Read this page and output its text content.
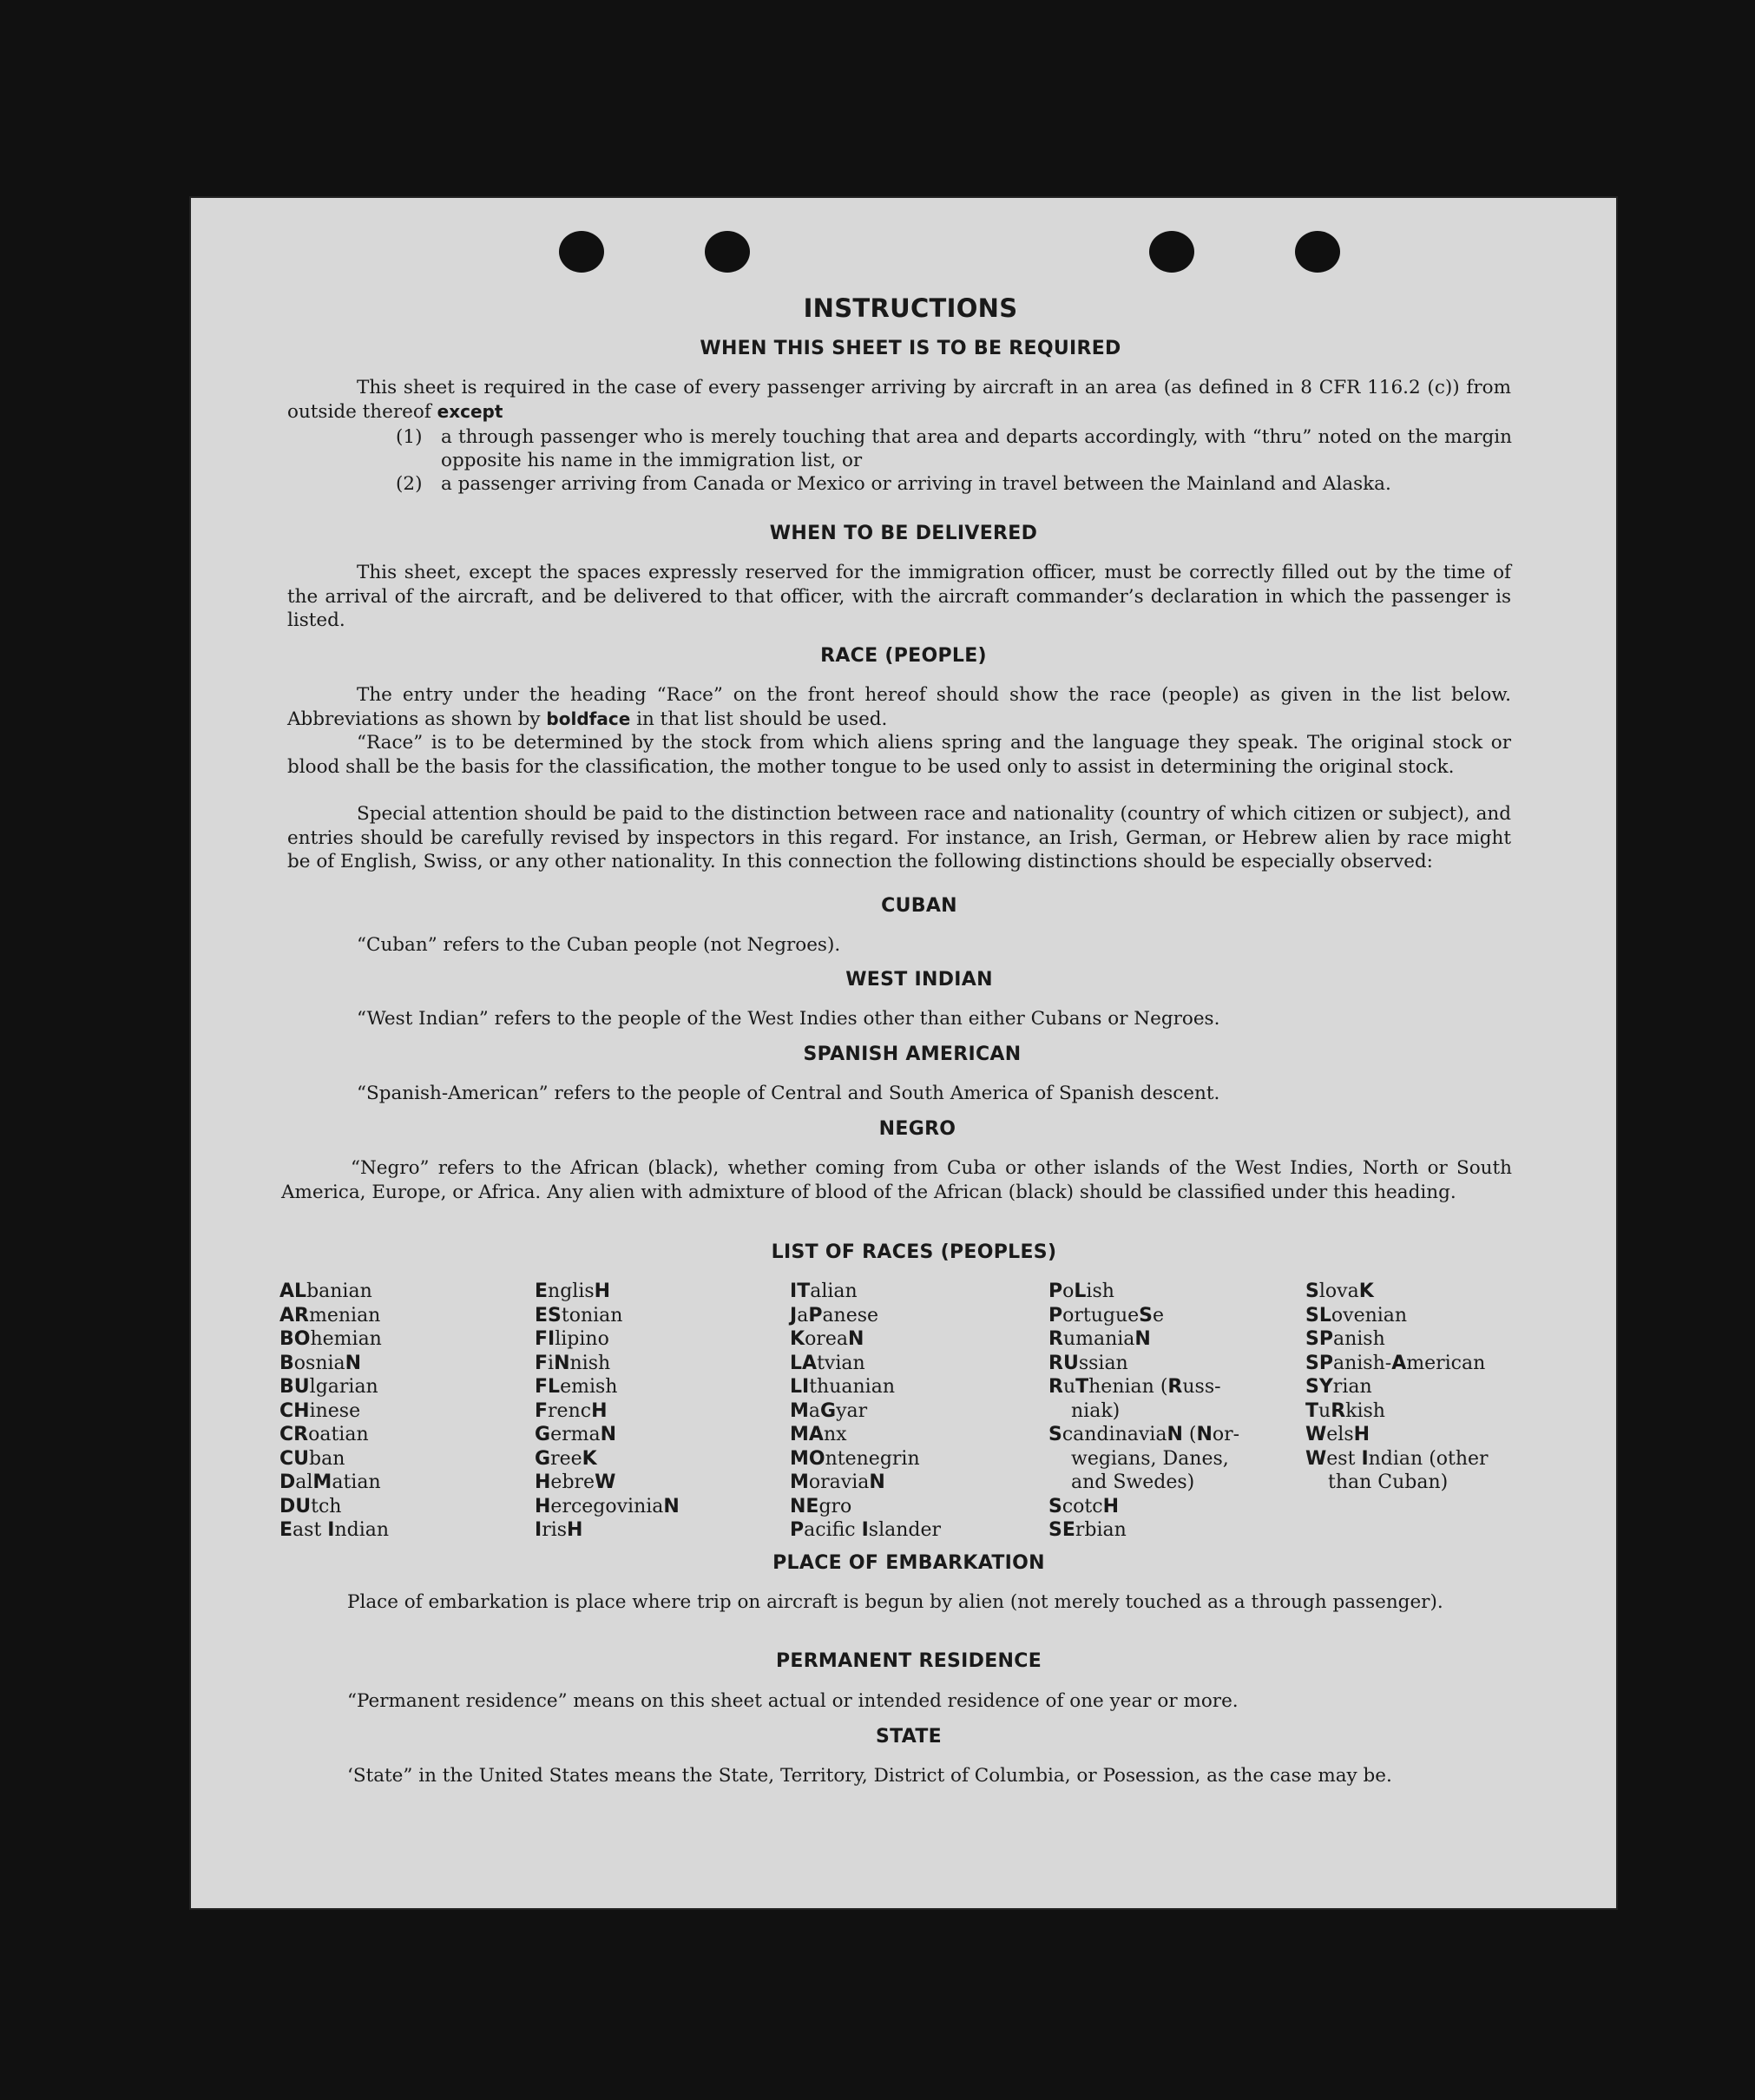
INSTRUCTIONS
WHEN THIS SHEET IS TO BE REQUIRED
This sheet is required in the case of every passenger arriving by aircraft in an area (as defined in 8 CFR 116.2 (c)) from outside thereof except
(1) a through passenger who is merely touching that area and departs accordingly, with “thru” noted on the margin opposite his name in the immigration list, or
(2) a passenger arriving from Canada or Mexico or arriving in travel between the Mainland and Alaska.
WHEN TO BE DELIVERED
This sheet, except the spaces expressly reserved for the immigration officer, must be correctly filled out by the time of the arrival of the aircraft, and be delivered to that officer, with the aircraft commander’s declaration in which the passenger is listed.
RACE (PEOPLE)
The entry under the heading “Race” on the front hereof should show the race (people) as given in the list below. Abbreviations as shown by boldface in that list should be used.
“Race” is to be determined by the stock from which aliens spring and the language they speak. The original stock or blood shall be the basis for the classification, the mother tongue to be used only to assist in determining the original stock.
Special attention should be paid to the distinction between race and nationality (country of which citizen or subject), and entries should be carefully revised by inspectors in this regard. For instance, an Irish, German, or Hebrew alien by race might be of English, Swiss, or any other nationality. In this connection the following distinctions should be especially observed:
CUBAN
“Cuban” refers to the Cuban people (not Negroes).
WEST INDIAN
“West Indian” refers to the people of the West Indies other than either Cubans or Negroes.
SPANISH AMERICAN
“Spanish-American” refers to the people of Central and South America of Spanish descent.
NEGRO
“Negro” refers to the African (black), whether coming from Cuba or other islands of the West Indies, North or South America, Europe, or Africa. Any alien with admixture of blood of the African (black) should be classified under this heading.
LIST OF RACES (PEOPLES)
ALbanian
ARmenian
BOhemian
BosniaN
BUlgarian
CHinese
CRoatian
CUban
DalMatian
DUtch
East Indian
EnglisH
EStonian
FIlipino
FiNnish
FLemish
FrencH
GermaN
GreeK
HebreW
HercegoviniaN
IrisH
ITalian
JaPanese
KoreaN
LAtvian
LIthuanian
MaGyar
MAnx
MOntenegrin
MoraviaN
NEgro
Pacific Islander
PoLish
PortugueSe
RumaniaN
RUssian
RuThenian (Russ-
niak)
ScandinaviaN (Nor-
wegians, Danes,
and Swedes)
ScotcH
SErbian
SlovaK
SLovenian
SPanish
SPanish-American
SYrian
TuRkish
WelsH
West Indian (other
than Cuban)
PLACE OF EMBARKATION
Place of embarkation is place where trip on aircraft is begun by alien (not merely touched as a through passenger).
PERMANENT RESIDENCE
“Permanent residence” means on this sheet actual or intended residence of one year or more.
STATE
‘State” in the United States means the State, Territory, District of Columbia, or Posession, as the case may be.
